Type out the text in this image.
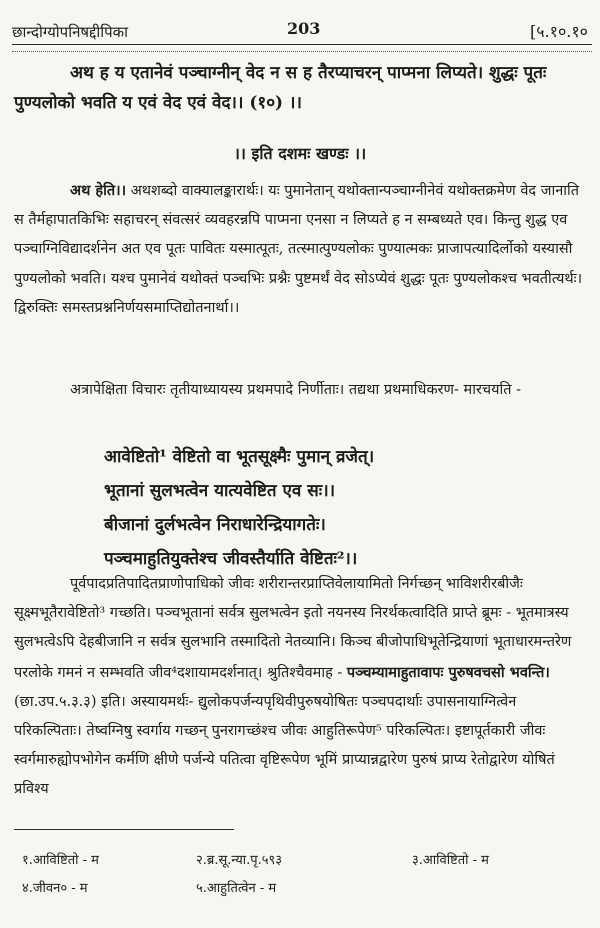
छान्दोग्योपनिषद्दीपिका	203	[५.१०.१०

अथ ह य एतानेवं पञ्चाग्नीन् वेद न स ह तैरप्याचरन् पाप्मना लिप्यते। शुद्धः पूतः पुण्यलोको भवति य एवं वेद एवं वेद।। (१०) ।।

।। इति दशमः खण्डः ।।

अथ हेति।। अथशब्दो वाक्यालङ्कारार्थः। यः पुमानेतान् यथोक्तान्पञ्चाग्नीनेवं यथोक्तक्रमेण वेद जानाति स तैर्महापातकिभिः सहाचरन् संवत्सरं व्यवहरन्नपि पाप्मना एनसा न लिप्यते ह न सम्बध्यते एव। किन्तु शुद्ध एव पञ्चाग्निविद्यादर्शनेन अत एव पूतः पावितः यस्मात्पूतः, तत्स्मात्पुण्यलोकः पुण्यात्मकः प्राजापत्यादिर्लोको यस्यासौ पुण्यलोको भवति। यश्च पुमानेवं यथोक्तं पञ्चभिः प्रश्नैः पुष्टमर्थं वेद सोऽप्येवं शुद्धः पूतः पुण्यलोकश्च भवतीत्यर्थः। द्विरुक्तिः समस्तप्रश्ननिर्णयसमाप्तिद्योतनार्था।।

अत्रापेक्षिता विचारः तृतीयाध्यायस्य प्रथमपादे निर्णीताः। तद्यथा प्रथमाधिकरण- मारचयति -

आवेष्टितो¹ वेष्टितो वा भूतसूक्ष्मैः पुमान् व्रजेत्।
भूतानां सुलभत्वेन यात्यवेष्टित एव सः।।
बीजानां दुर्लभत्वेन निराधारेन्द्रियागतेः।
पञ्चमाहुतियुक्तेश्च जीवस्तैर्याति वेष्टितः²।।

पूर्वपादप्रतिपादितप्राणोपाधिको जीवः शरीरान्तरप्राप्तिवेलायामितो निर्गच्छन् भाविशरीरबीजैः सूक्ष्मभूतैरावेष्टितो³ गच्छति। पञ्चभूतानां सर्वत्र सुलभत्वेन इतो नयनस्य निरर्थकत्वादिति प्राप्ते ब्रूमः - भूतमात्रस्य सुलभत्वेऽपि देहबीजानि न सर्वत्र सुलभानि तस्मादितो नेतव्यानि। किञ्च बीजोपाधिभूतेन्द्रियाणां भूताधारमन्तरेण परलोके गमनं न सम्भवति जीव⁴दशायामदर्शनात्। श्रुतिश्चैवमाह - पञ्चम्यामाहुतावापः पुरुषवचसो भवन्ति। (छा.उप.५.३.३) इति। अस्यायमर्थः- द्युलोकपर्जन्यपृथिवीपुरुषयोषितः पञ्चपदार्थाः उपासनायाग्नित्वेन परिकल्पिताः। तेष्वग्निषु स्वर्गाय गच्छन् पुनरागच्छंश्च जीवः आहुतिरूपेण⁵ परिकल्पितः। इष्टापूर्तकारी जीवः स्वर्गमारुह्योपभोगेन कर्मणि क्षीणे पर्जन्ये पतित्वा वृष्टिरूपेण भूमिं प्राप्यान्नद्वारेण पुरुषं प्राप्य रेतोद्वारेण योषितं प्रविश्य

१.आविष्टितो - म	२.ब्र.सू.न्या.पृ.५९३	३.आविष्टितो - म
४.जीवन० - म	५.आहुतित्वेन - म
